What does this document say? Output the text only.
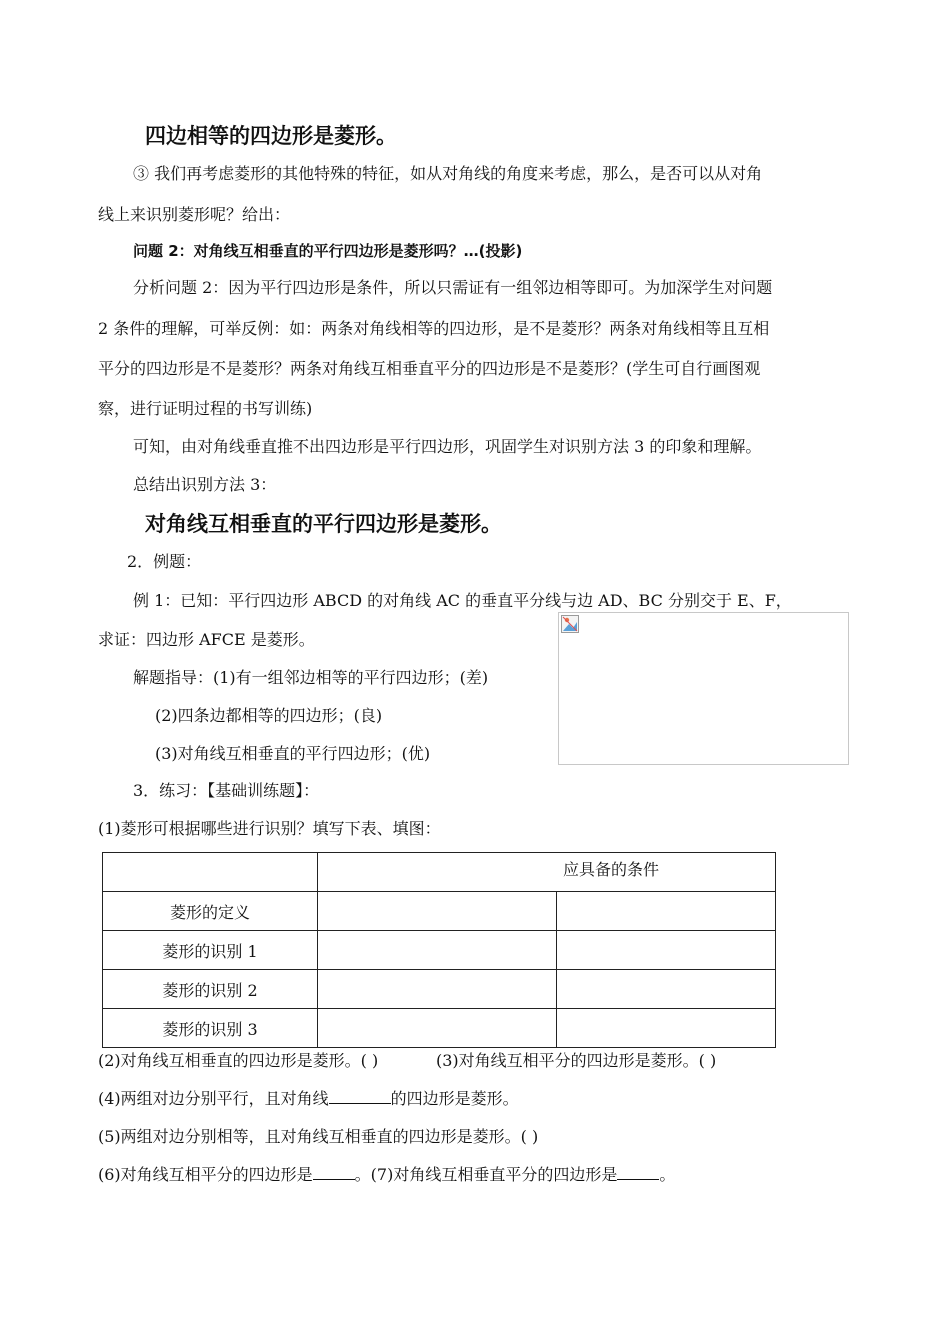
四边相等的四边形是菱形。
③ 我们再考虑菱形的其他特殊的特征，如从对角线的角度来考虑，那么，是否可以从对角
线上来识别菱形呢？给出：
问题 2：对角线互相垂直的平行四边形是菱形吗？…(投影)
分析问题 2：因为平行四边形是条件，所以只需证有一组邻边相等即可。为加深学生对问题
2 条件的理解，可举反例：如：两条对角线相等的四边形，是不是菱形？两条对角线相等且互相
平分的四边形是不是菱形？两条对角线互相垂直平分的四边形是不是菱形？(学生可自行画图观
察，进行证明过程的书写训练)
可知，由对角线垂直推不出四边形是平行四边形，巩固学生对识别方法 3 的印象和理解。
总结出识别方法 3：
对角线互相垂直的平行四边形是菱形。
2．例题：
例 1：已知：平行四边形 ABCD 的对角线 AC 的垂直平分线与边 AD、BC 分别交于 E、F，
求证：四边形 AFCE 是菱形。
解题指导：(1)有一组邻边相等的平行四边形；(差)
(2)四条边都相等的四边形；(良)
(3)对角线互相垂直的平行四边形；(优)
3．练习：【基础训练题】：
(1)菱形可根据哪些进行识别？填写下表、填图：
	应具备的条件	
菱形的定义		
菱形的识别 1		
菱形的识别 2		
菱形的识别 3		
(2)对角线互相垂直的四边形是菱形。( )	(3)对角线互相平分的四边形是菱形。( )
(4)两组对边分别平行，且对角线	的四边形是菱形。
(5)两组对边分别相等，且对角线互相垂直的四边形是菱形。( )
(6)对角线互相平分的四边形是	。(7)对角线互相垂直平分的四边形是	。
